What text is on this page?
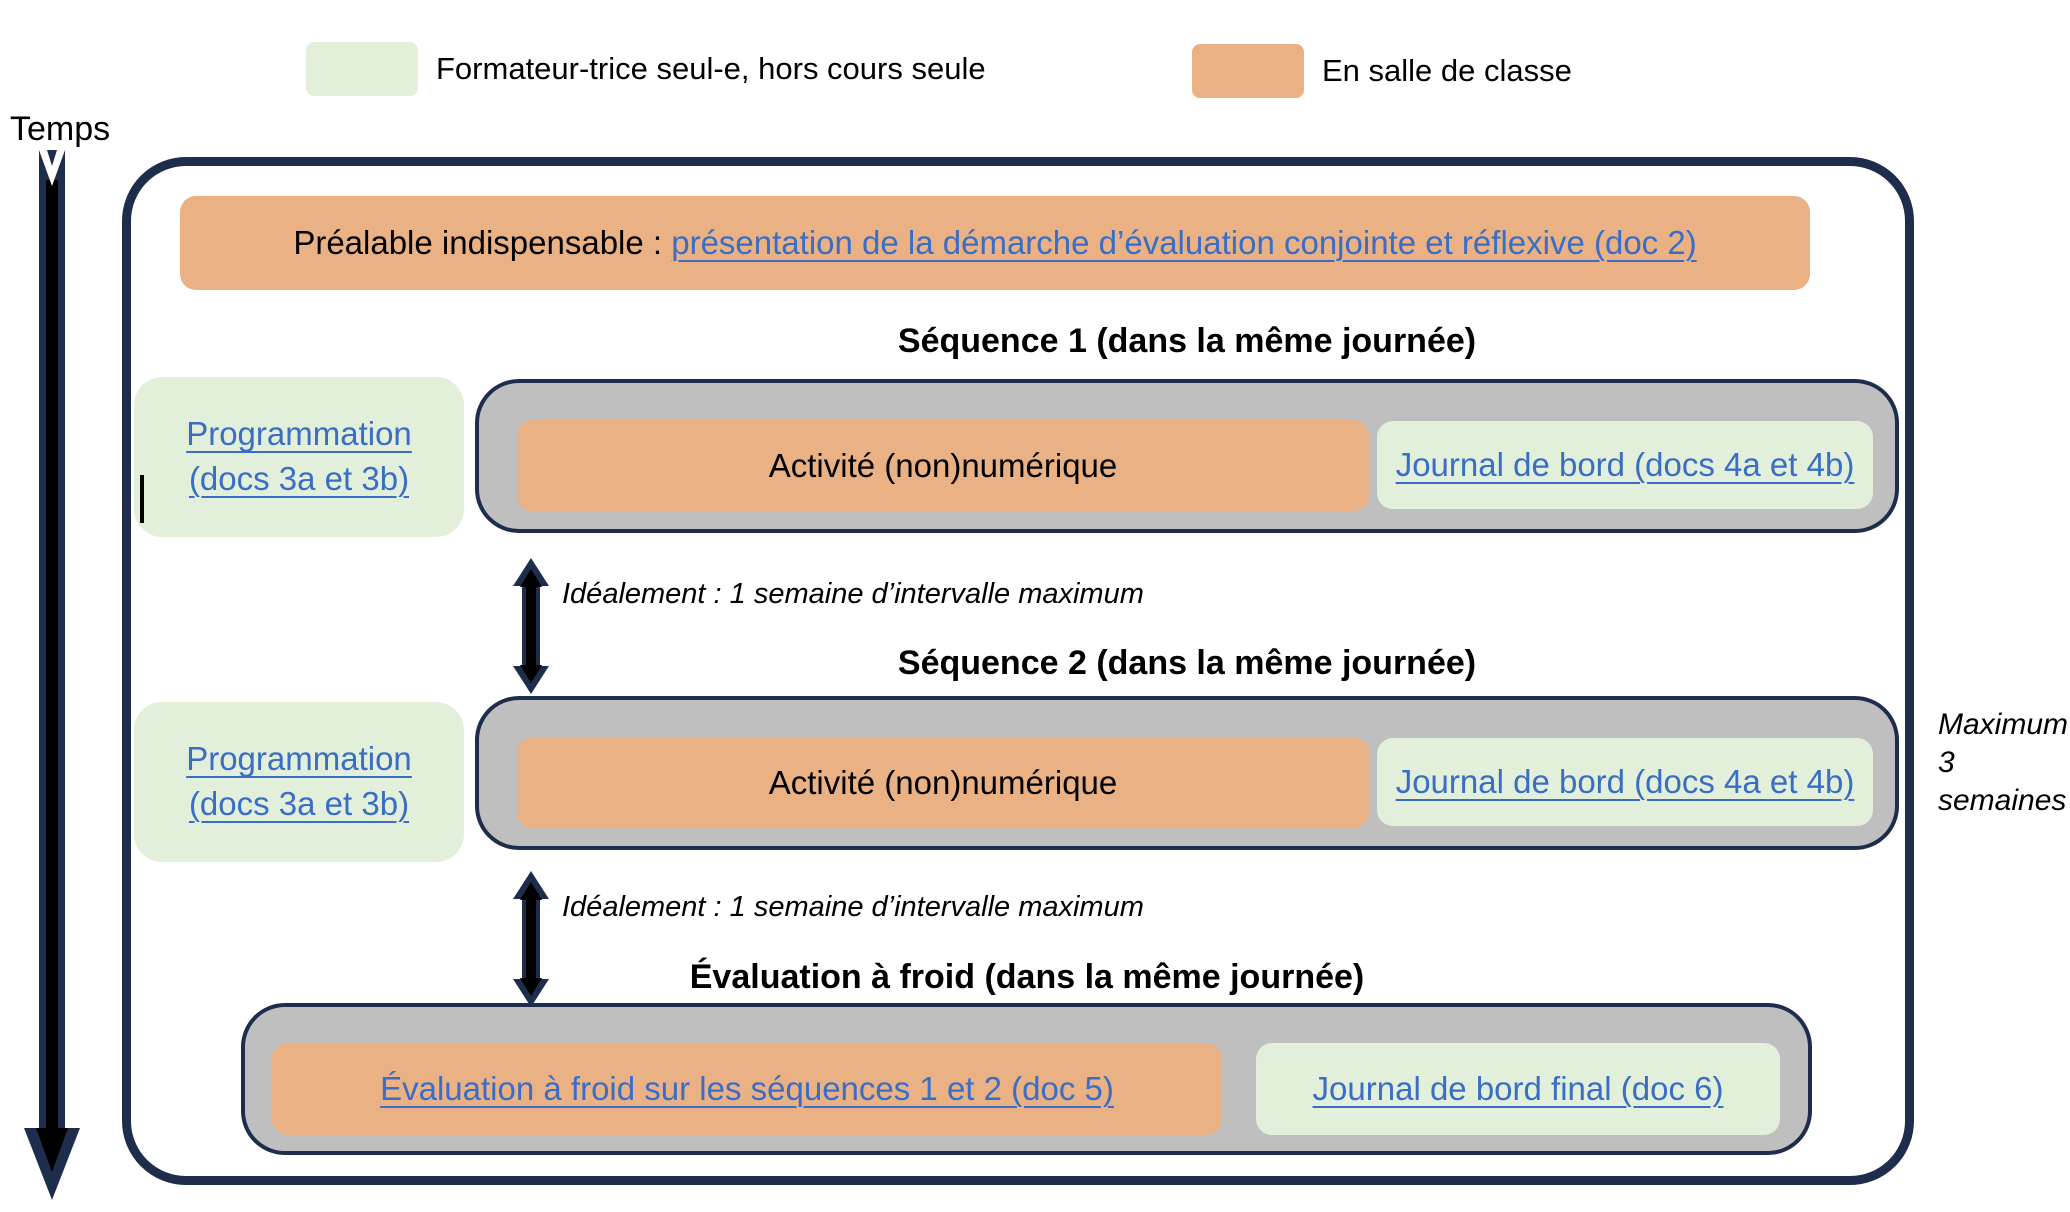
Formateur-trice seul-e, hors cours seule	En salle de classe
Temps
Préalable indispensable : présentation de la démarche d’évaluation conjointe et réflexive (doc 2)
Séquence 1 (dans la même journée)
Programmation (docs 3a et 3b)	Activité (non)numérique	Journal de bord (docs 4a et 4b)
Idéalement : 1 semaine d’intervalle maximum
Séquence 2 (dans la même journée)
Programmation (docs 3a et 3b)
Activité (non)numérique	Journal de bord (docs 4a et 4b)
Maximum 3 semaines
Idéalement : 1 semaine d’intervalle maximum
Évaluation à froid (dans la même journée)
Évaluation à froid sur les séquences 1 et 2 (doc 5)	Journal de bord final (doc 6)
